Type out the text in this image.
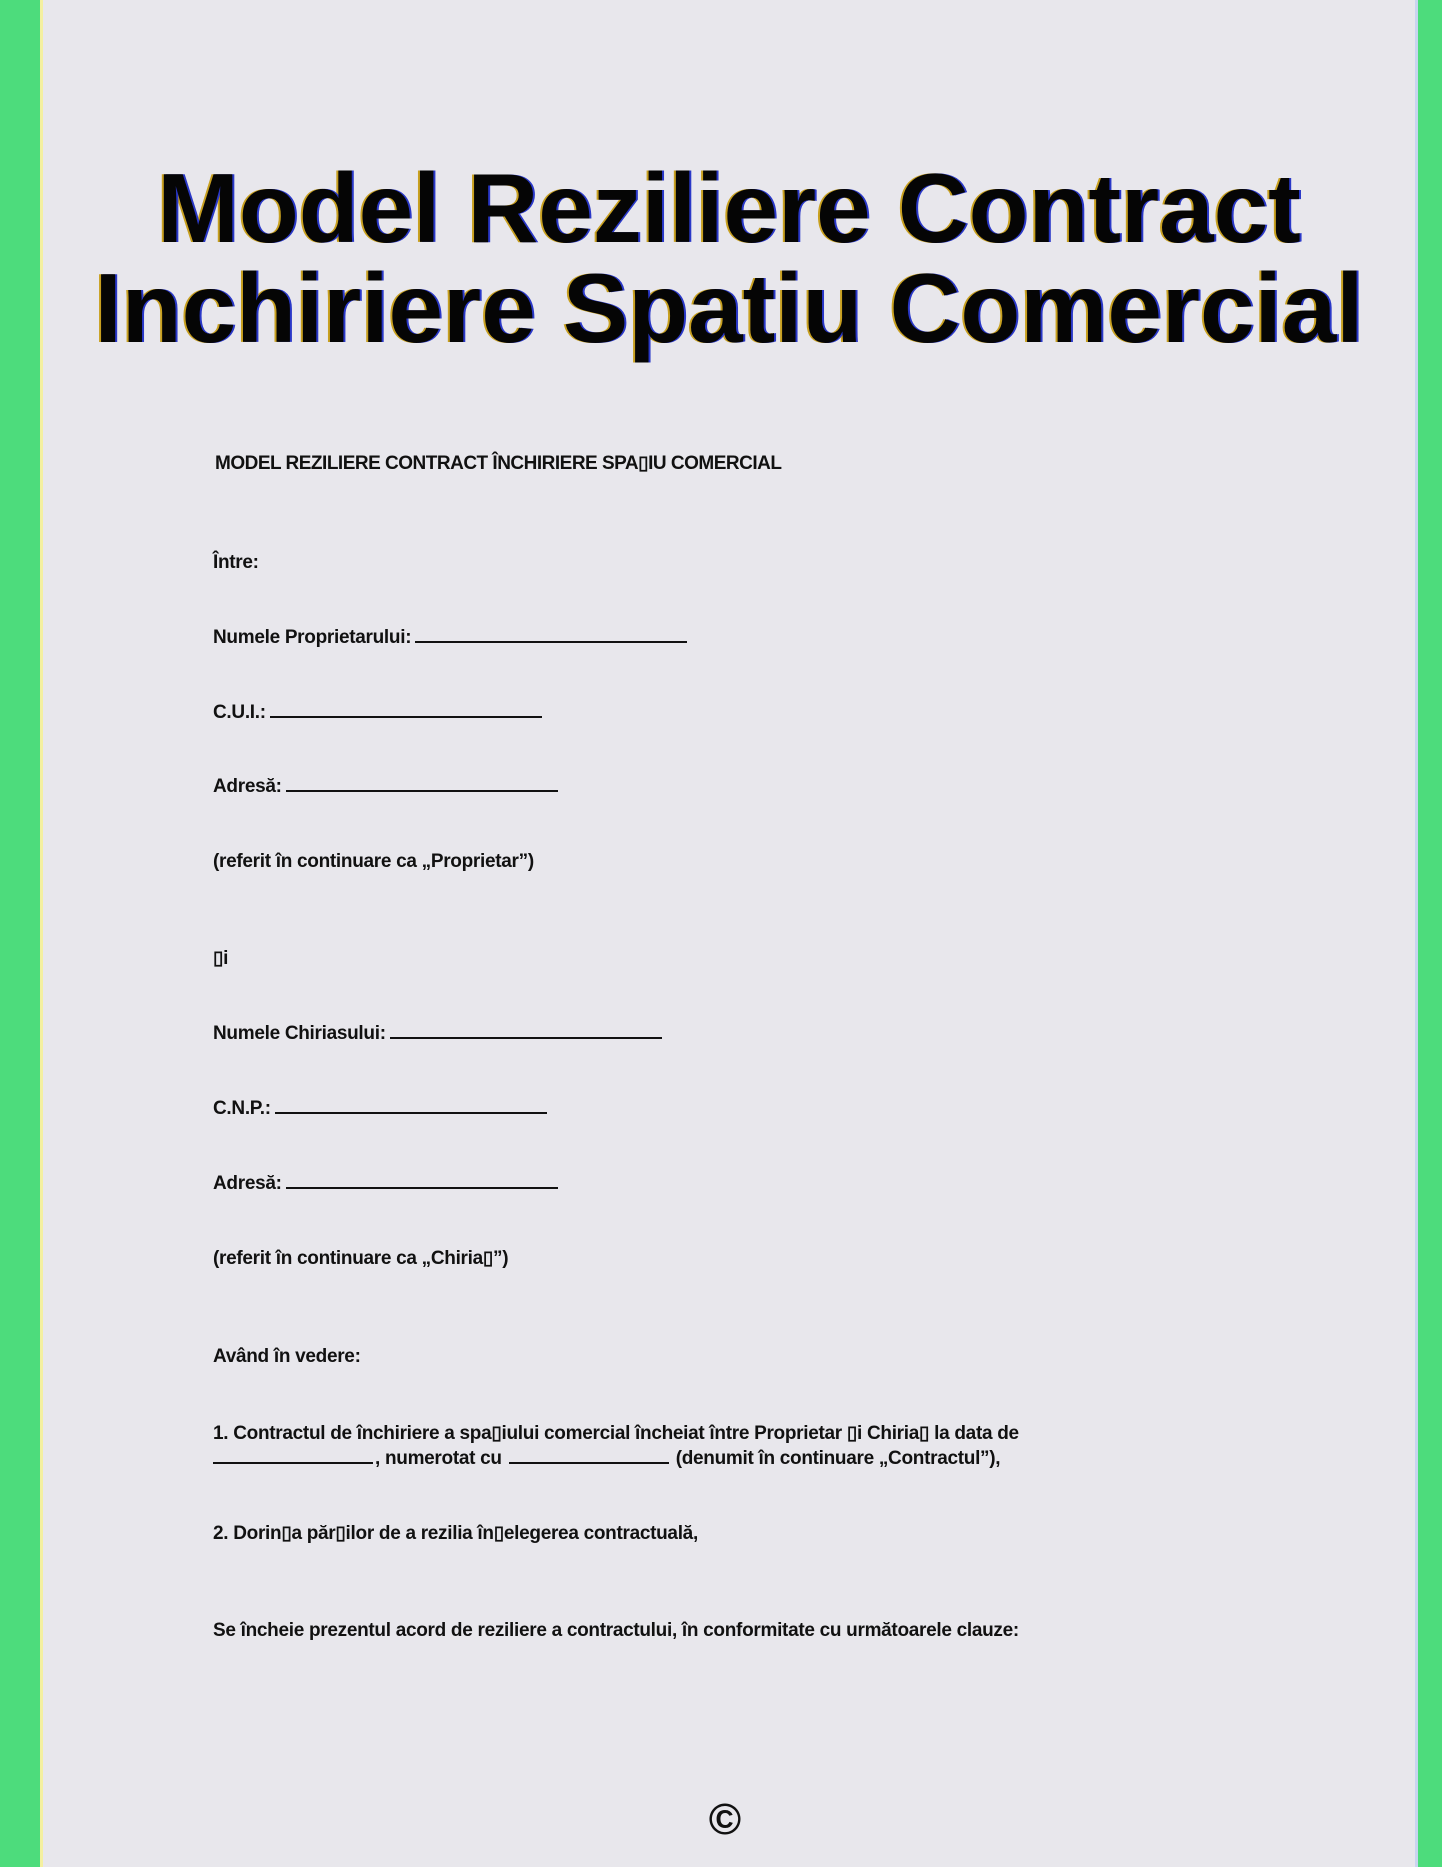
Model Reziliere Contract
Inchiriere Spatiu Comercial
MODEL REZILIERE CONTRACT ÎNCHIRIERE SPA▯IU COMERCIAL
Între:
Numele Proprietarului:
C.U.I.:
Adresă:
(referit în continuare ca „Proprietar”)
▯i
Numele Chiriasului:
C.N.P.:
Adresă:
(referit în continuare ca „Chiria▯”)
Având în vedere:
1. Contractul de închiriere a spa▯iului comercial încheiat între Proprietar ▯i Chiria▯ la data de
, numerotat cu	(denumit în continuare „Contractul”),
2. Dorin▯a păr▯ilor de a rezilia în▯elegerea contractuală,
Se încheie prezentul acord de reziliere a contractului, în conformitate cu următoarele clauze:
©
